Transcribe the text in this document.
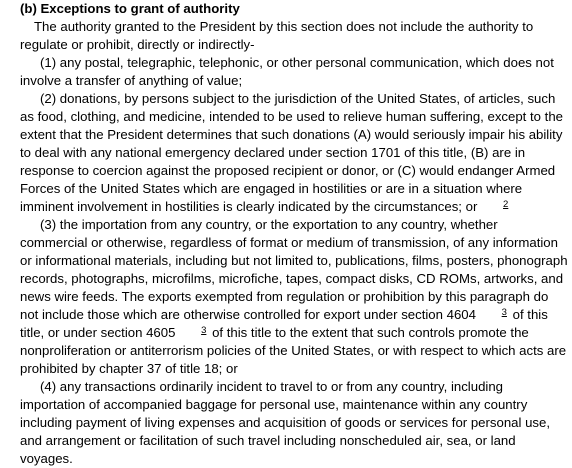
(b) Exceptions to grant of authority

The authority granted to the President by this section does not include the authority to regulate or prohibit, directly or indirectly-

(1) any postal, telegraphic, telephonic, or other personal communication, which does not involve a transfer of anything of value;

(2) donations, by persons subject to the jurisdiction of the United States, of articles, such as food, clothing, and medicine, intended to be used to relieve human suffering, except to the extent that the President determines that such donations (A) would seriously impair his ability to deal with any national emergency declared under section 1701 of this title, (B) are in response to coercion against the proposed recipient or donor, or (C) would endanger Armed Forces of the United States which are engaged in hostilities or are in a situation where imminent involvement in hostilities is clearly indicated by the circumstances; or	2

(3) the importation from any country, or the exportation to any country, whether commercial or otherwise, regardless of format or medium of transmission, of any information or informational materials, including but not limited to, publications, films, posters, phonograph records, photographs, microfilms, microfiche, tapes, compact disks, CD ROMs, artworks, and news wire feeds. The exports exempted from regulation or prohibition by this paragraph do not include those which are otherwise controlled for export under section 4604	3 of this title, or under section 4605	3 of this title to the extent that such controls promote the nonproliferation or antiterrorism policies of the United States, or with respect to which acts are prohibited by chapter 37 of title 18; or

(4) any transactions ordinarily incident to travel to or from any country, including importation of accompanied baggage for personal use, maintenance within any country including payment of living expenses and acquisition of goods or services for personal use, and arrangement or facilitation of such travel including nonscheduled air, sea, or land voyages.
